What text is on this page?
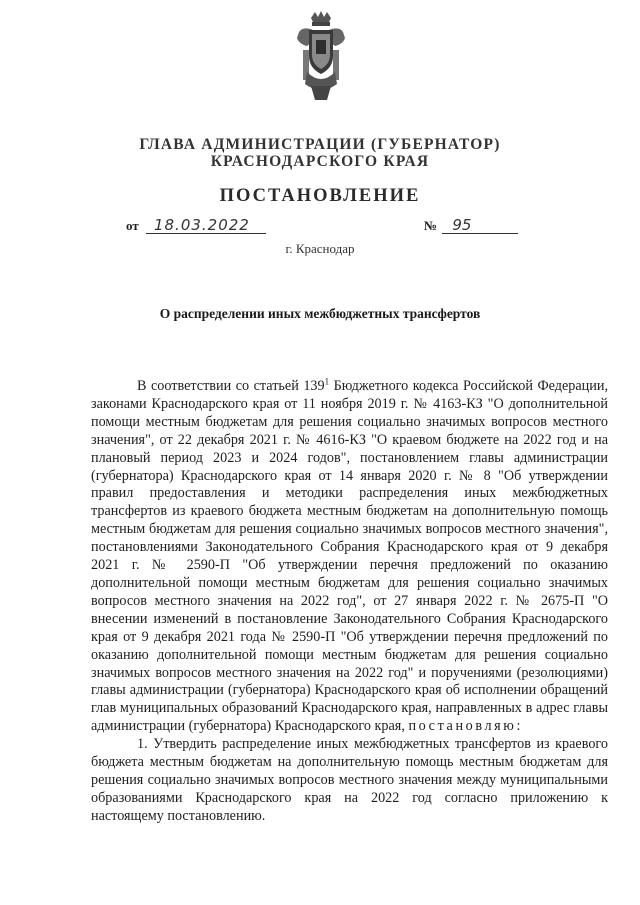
ГЛАВА АДМИНИСТРАЦИИ (ГУБЕРНАТОР)
КРАСНОДАРСКОГО КРАЯ
ПОСТАНОВЛЕНИЕ
от 18.03.2022	№ 95
г. Краснодар
О распределении иных межбюджетных трансфертов

В соответствии со статьей $139^1$ Бюджетного кодекса Российской Федерации, законами Краснодарского края от 11 ноября 2019 г. № 4163-КЗ "О дополнительной помощи местным бюджетам для решения социально значимых вопросов местного значения", от 22 декабря 2021 г. № 4616-КЗ "О краевом бюджете на 2022 год и на плановый период 2023 и 2024 годов", постановлением главы администрации (губернатора) Краснодарского края от 14 января 2020 г. № 8 "Об утверждении правил предоставления и методики распределения иных межбюджетных трансфертов из краевого бюджета местным бюджетам на дополнительную помощь местным бюджетам для решения социально значимых вопросов местного значения", постановлениями Законодательного Собрания Краснодарского края от 9 декабря 2021 г. № 2590-П "Об утверждении перечня предложений по оказанию дополнительной помощи местным бюджетам для решения социально значимых вопросов местного значения на 2022 год", от 27 января 2022 г. № 2675-П "О внесении изменений в постановление Законодательного Собрания Краснодарского края от 9 декабря 2021 года № 2590-П "Об утверждении перечня предложений по оказанию дополнительной помощи местным бюджетам для решения социально значимых вопросов местного значения на 2022 год" и поручениями (резолюциями) главы администрации (губернатора) Краснодарского края об исполнении обращений глав муниципальных образований Краснодарского края, направленных в адрес главы администрации (губернатора) Краснодарского края, постановляю:

1. Утвердить распределение иных межбюджетных трансфертов из краевого бюджета местным бюджетам на дополнительную помощь местным бюджетам для решения социально значимых вопросов местного значения между муниципальными образованиями Краснодарского края на 2022 год согласно приложению к настоящему постановлению.
